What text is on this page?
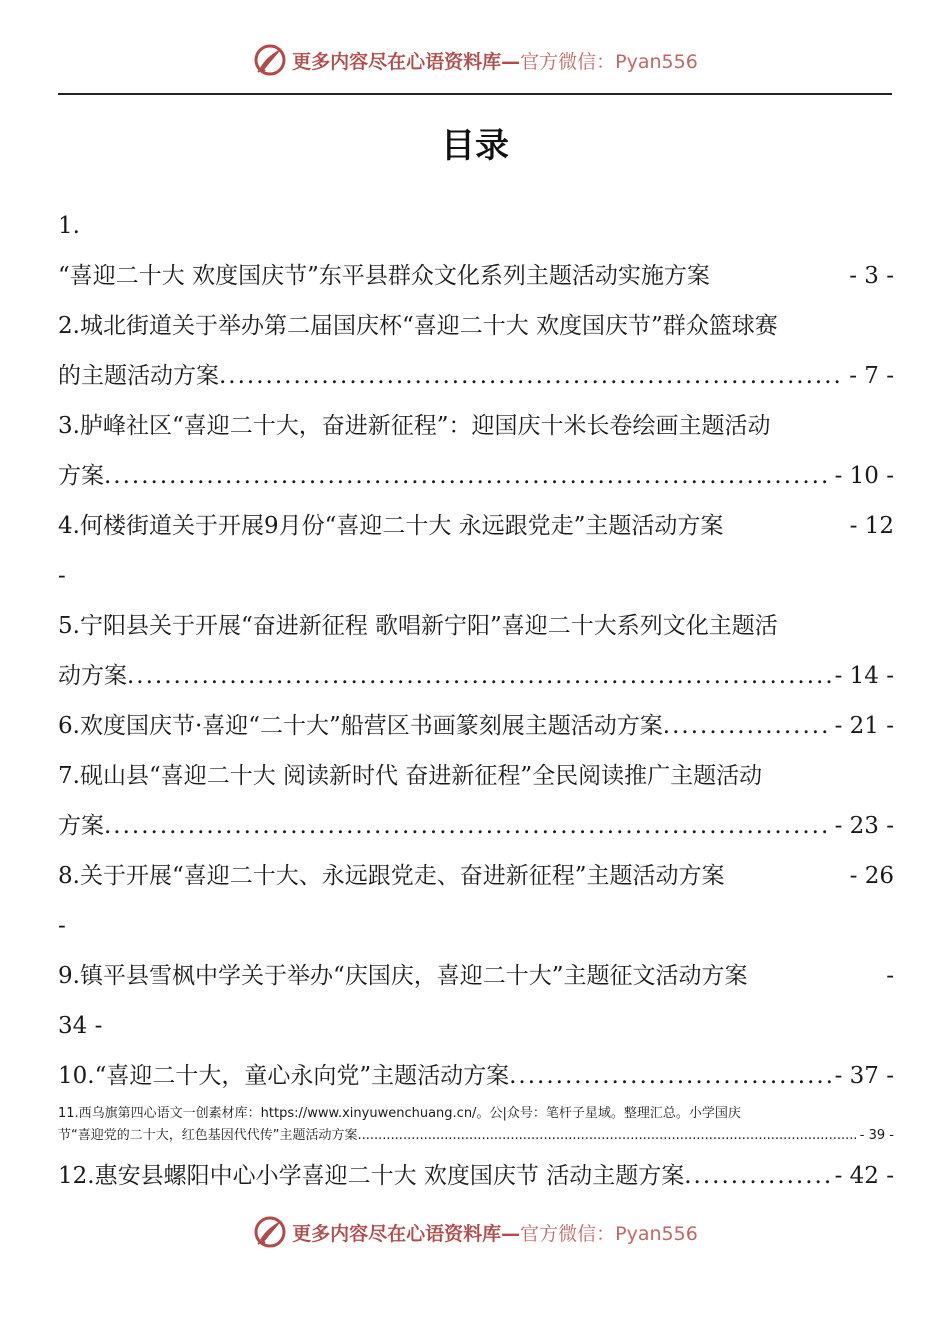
更多内容尽在心语资料库— 官方微信：Pyan556
目录
1.
“喜迎二十大 欢度国庆节”东平县群众文化系列主题活动实施方案	- 3 -
2.城北街道关于举办第二届国庆杯“喜迎二十大 欢度国庆节”群众篮球赛
的主题活动方案 .....	- 7 -
3.胪峰社区“喜迎二十大，奋进新征程”：迎国庆十米长卷绘画主题活动
方案 .....	- 10 -
4.何楼街道关于开展9月份“喜迎二十大 永远跟党走”主题活动方案	- 12
-
5.宁阳县关于开展“奋进新征程 歌唱新宁阳”喜迎二十大系列文化主题活
动方案 .....	- 14 -
6.欢度国庆节·喜迎“二十大”船营区书画篆刻展主题活动方案 .....	- 21 -
7.砚山县“喜迎二十大 阅读新时代 奋进新征程”全民阅读推广主题活动
方案 .....	- 23 -
8.关于开展“喜迎二十大、永远跟党走、奋进新征程”主题活动方案	- 26
-
9.镇平县雪枫中学关于举办“庆国庆，喜迎二十大”主题征文活动方案	-
34 -
10.“喜迎二十大，童心永向党”主题活动方案 .....	- 37 -
11.西乌旗第四心语文一创素材库：https://www.xinyuwenchuang.cn/。公|众号：笔杆子星域。整理汇总。小学国庆
节“喜迎党的二十大，红色基因代代传”主题活动方案 .....	- 39 -
12.惠安县螺阳中心小学喜迎二十大 欢度国庆节 活动主题方案 .....	- 42 -
更多内容尽在心语资料库— 官方微信：Pyan556
